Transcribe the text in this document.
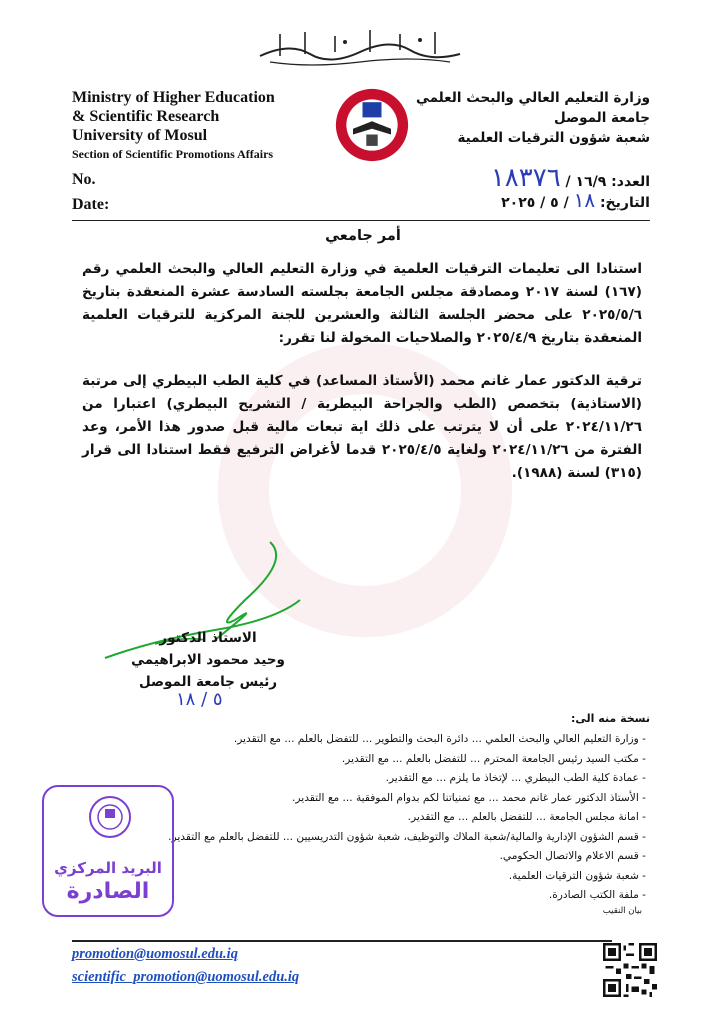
Ministry of Higher Education
& Scientific Research
University of Mosul
Section of Scientific Promotions Affairs
No.
Date:
وزارة التعليم العالي والبحث العلمي
جامعة الموصل
شعبة شؤون الترقيات العلمية
العدد: ١٦/٩ / ١٨٣٧٦
التاريخ: ١٨ / ٥ / ٢٠٢٥
أمر جامعي
استنادا الى تعليمات الترقيات العلمية في وزارة التعليم العالي والبحث العلمي رقم (١٦٧) لسنة ٢٠١٧ ومصادقة مجلس الجامعة بجلسته السادسة عشرة المنعقدة بتاريخ ٢٠٢٥/٥/٦ على محضر الجلسة الثالثة والعشرين للجنة المركزية للترقيات العلمية المنعقدة بتاريخ ٢٠٢٥/٤/٩ والصلاحيات المخولة لنا تقرر:
ترقية الدكتور عمار غانم محمد (الأستاذ المساعد) في كلية الطب البيطري إلى مرتبة (الاستاذية) بتخصص (الطب والجراحة البيطرية / التشريح البيطري) اعتبارا من ٢٠٢٤/١١/٢٦ على أن لا يترتب على ذلك اية تبعات مالية قبل صدور هذا الأمر، وعد الفترة من ٢٠٢٤/١١/٢٦ ولغاية ٢٠٢٥/٤/٥ قدما لأغراض الترفيع فقط استنادا الى قرار (٣١٥) لسنة (١٩٨٨).
الاستاذ الدكتور
وحيد محمود الابراهيمي
رئيس جامعة الموصل
٥ / ١٨
نسخة منه الى:
- وزارة التعليم العالي والبحث العلمي ... دائرة البحث والتطوير ... للتفضل بالعلم ... مع التقدير.
- مكتب السيد رئيس الجامعة المحترم ... للتفضل بالعلم ... مع التقدير.
- عمادة كلية الطب البيطري ... لإتخاذ ما يلزم ... مع التقدير.
- الأستاذ الدكتور عمار غانم محمد ... مع تمنياتنا لكم بدوام الموفقية ... مع التقدير.
- امانة مجلس الجامعة ... للتفضل بالعلم ... مع التقدير.
- قسم الشؤون الإدارية والمالية/شعبة الملاك والتوظيف، شعبة شؤون التدريسيين ... للتفضل بالعلم مع التقدير.
- قسم الاعلام والاتصال الحكومي.
- شعبة شؤون الترقيات العلمية.
- ملفة الكتب الصادرة.
بيان النقيب
البريد المركزي
الصادرة
promotion@uomosul.edu.iq
scientific_promotion@uomosul.edu.iq
